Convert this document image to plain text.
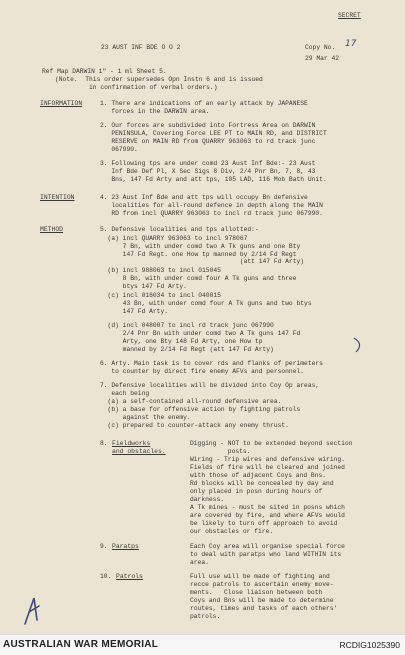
SECRET
23 AUST INF BDE O O 2	Copy No. 17
29 Mar 42
Ref Map DARWIN 1" - 1 ml Sheet 5.
(Note.  This order supersedes Opn Instn 6 and is issued
in confirmation of verbal orders.)
INFORMATION	1. There are indications of an early attack by JAPANESE
forces in the DARWIN area.
2. Our forces are subdivided into Fortress Area on DARWIN
PENINSULA, Covering Force LEE PT to MAIN RD, and DISTRICT
RESERVE on MAIN RD from QUARRY 963063 to rd track junc
067990.
3. Following tps are under comd 23 Aust Inf Bde:- 23 Aust
Inf Bde Def Pl, X Sec Sigs 8 Div, 2/4 Pnr Bn, 7, 8, 43
Bns, 147 Fd Arty and att tps, 105 LAD, 116 Mob Bath Unit.
INTENTION	4. 23 Aust Inf Bde and att tps will occupy Bn defensive
localities for all-round defence in depth along the MAIN
RD from incl QUARRY 963063 to incl rd track junc 067990.
METHOD	5. Defensive localities and tps allotted:-
(a) incl QUARRY 963063 to incl 978067
7 Bn, with under comd two A Tk guns and one Bty
147 Fd Regt. one How tp manned by 2/14 Fd Regt
(att 147 Fd Arty)
(b) incl 988063 to incl 015045
8 Bn, with under comd four A Tk guns and three
btys 147 Fd Arty.
(c) incl 016034 to incl 040015
43 Bn, with under comd four A Tk guns and two btys
147 Fd Arty.
(d) incl 048007 to incl rd track junc 067990
2/4 Pnr Bn with under comd two A Tk guns 147 Fd
Arty, one Bty 148 Fd Arty, one How tp
manned by 2/14 Fd Regt (att 147 Fd Arty)
6. Arty. Main task is to cover rds and flanks of perimeters
to counter by direct fire enemy AFVs and personnel.
7. Defensive localities will be divided into Coy Op areas,
each being
(a) a self-contained all-round defensive area.
(b) a base for offensive action by fighting patrols
against the enemy.
(c) prepared to counter-attack any enemy thrust.
8. Fieldworks
and obstacles.
Digging - NOT to be extended beyond section
posts.
Wiring - Trip wires and defensive wiring.
Fields of fire will be cleared and joined
with those of adjacent Coys and Bns.
Rd blocks will be concealed by day and
only placed in posn during hours of
darkness.
A Tk mines - must be sited in posns which
are covered by fire, and where AFVs would
be likely to turn off approach to avoid
our obstacles or fire.
9. Paratps	Each Coy area will organise special force
to deal with paratps who land WITHIN its
area.
10. Patrols	Full use will be made of fighting and
recce patrols to ascertain enemy move-
ments.   Close liaison between both
Coys and Bns will be made to determine
routes, times and tasks of each others'
patrols.
AUSTRALIAN WAR MEMORIAL	RCDIG1025390
